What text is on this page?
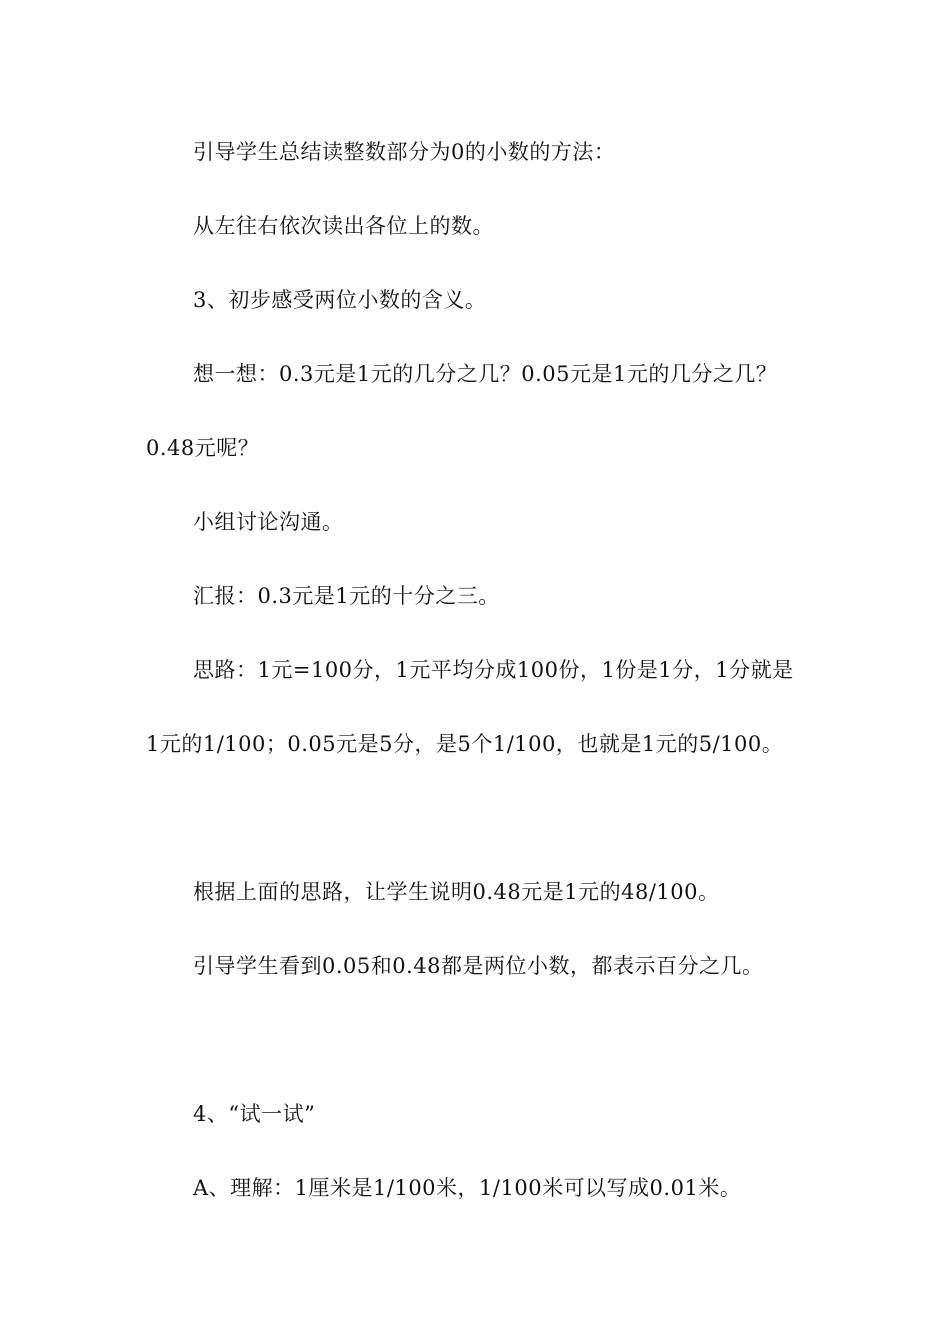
引导学生总结读整数部分为0的小数的方法：

从左往右依次读出各位上的数。

3、初步感受两位小数的含义。

想一想：0.3元是1元的几分之几？0.05元是1元的几分之几？0.48元呢？

小组讨论沟通。

汇报：0.3元是1元的十分之三。

思路：1元=100分，1元平均分成100份，1份是1分，1分就是1元的1/100；0.05元是5分，是5个1/100，也就是1元的5/100。

根据上面的思路，让学生说明0.48元是1元的48/100。

引导学生看到0.05和0.48都是两位小数，都表示百分之几。

4、“试一试”

A、理解：1厘米是1/100米，1/100米可以写成0.01米。
